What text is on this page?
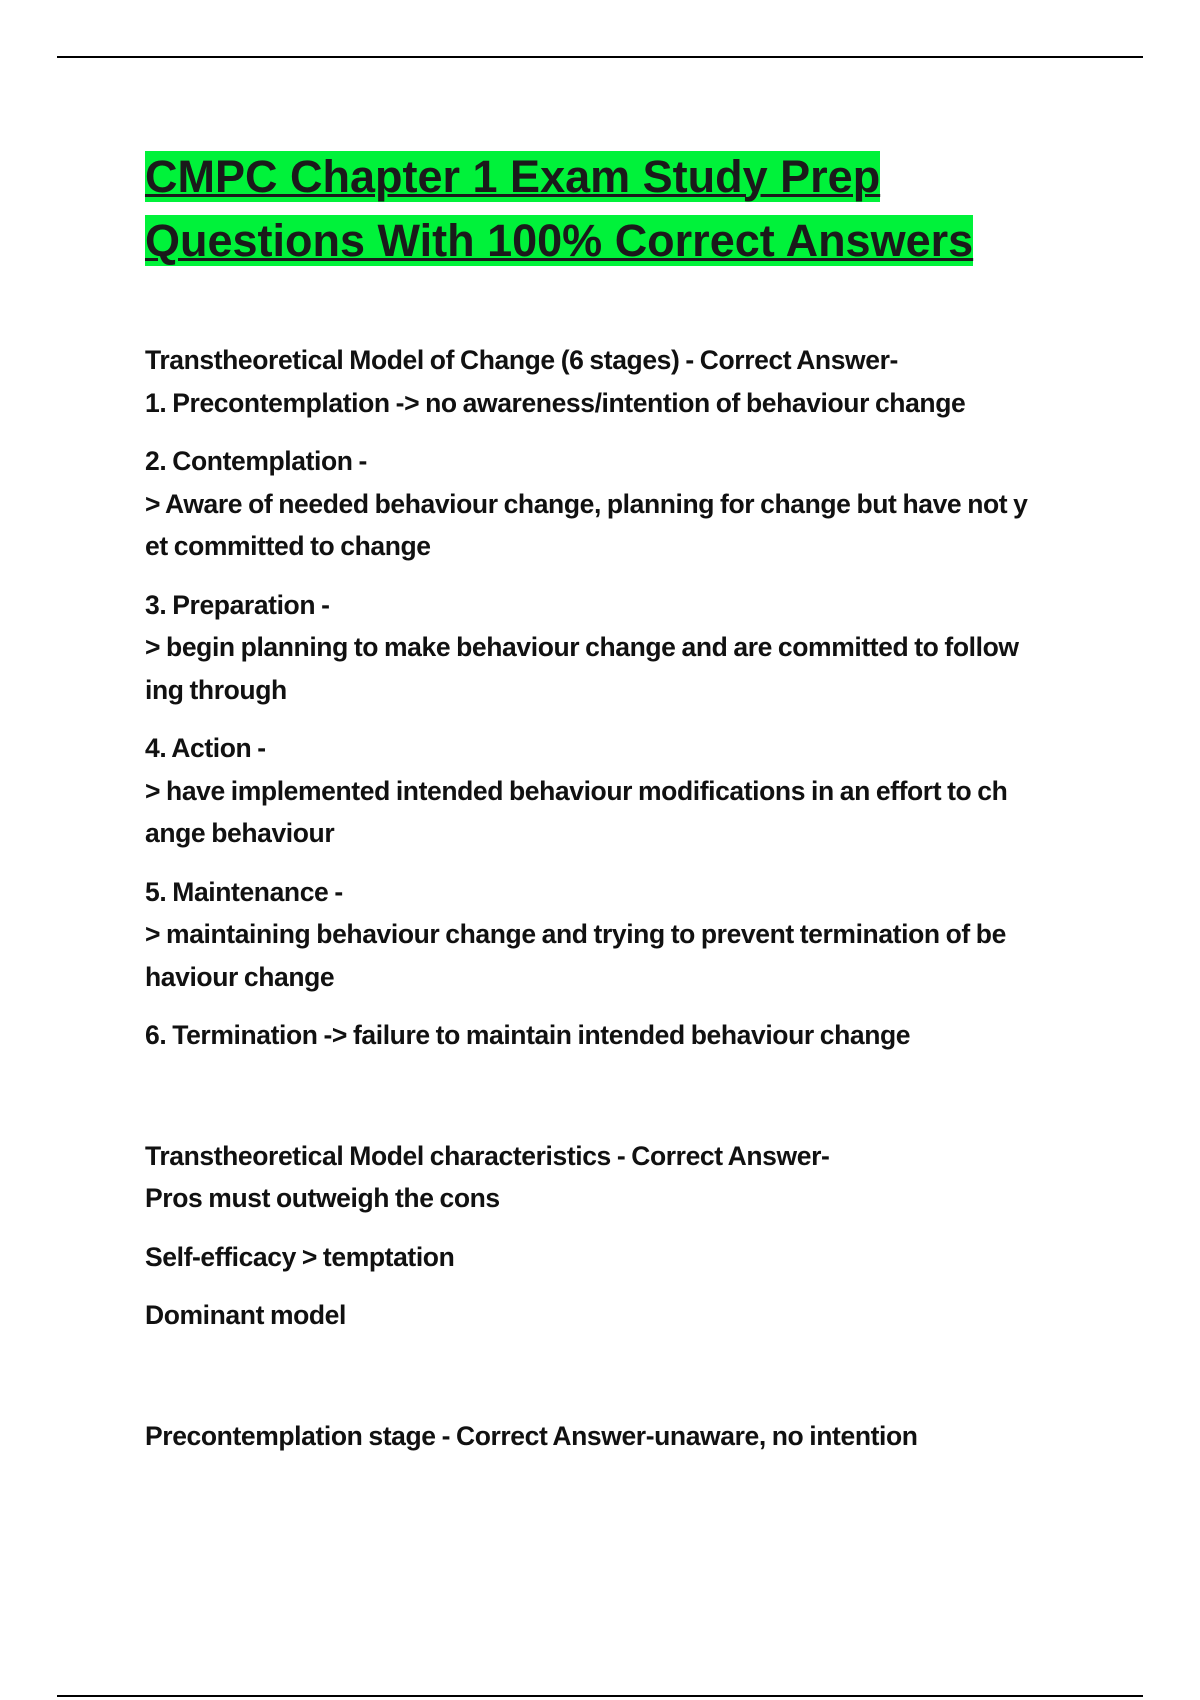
CMPC Chapter 1 Exam Study Prep
Questions With 100% Correct Answers

Transtheoretical Model of Change (6 stages) - Correct Answer-

1. Precontemplation -> no awareness/intention of behaviour change

2. Contemplation -

> Aware of needed behaviour change, planning for change but have not y

et committed to change

3. Preparation -

> begin planning to make behaviour change and are committed to follow

ing through

4. Action -

> have implemented intended behaviour modifications in an effort to ch

ange behaviour

5. Maintenance -

> maintaining behaviour change and trying to prevent termination of be

haviour change

6. Termination -> failure to maintain intended behaviour change

Transtheoretical Model characteristics - Correct Answer-

Pros must outweigh the cons

Self-efficacy > temptation

Dominant model

Precontemplation stage - Correct Answer-unaware, no intention
